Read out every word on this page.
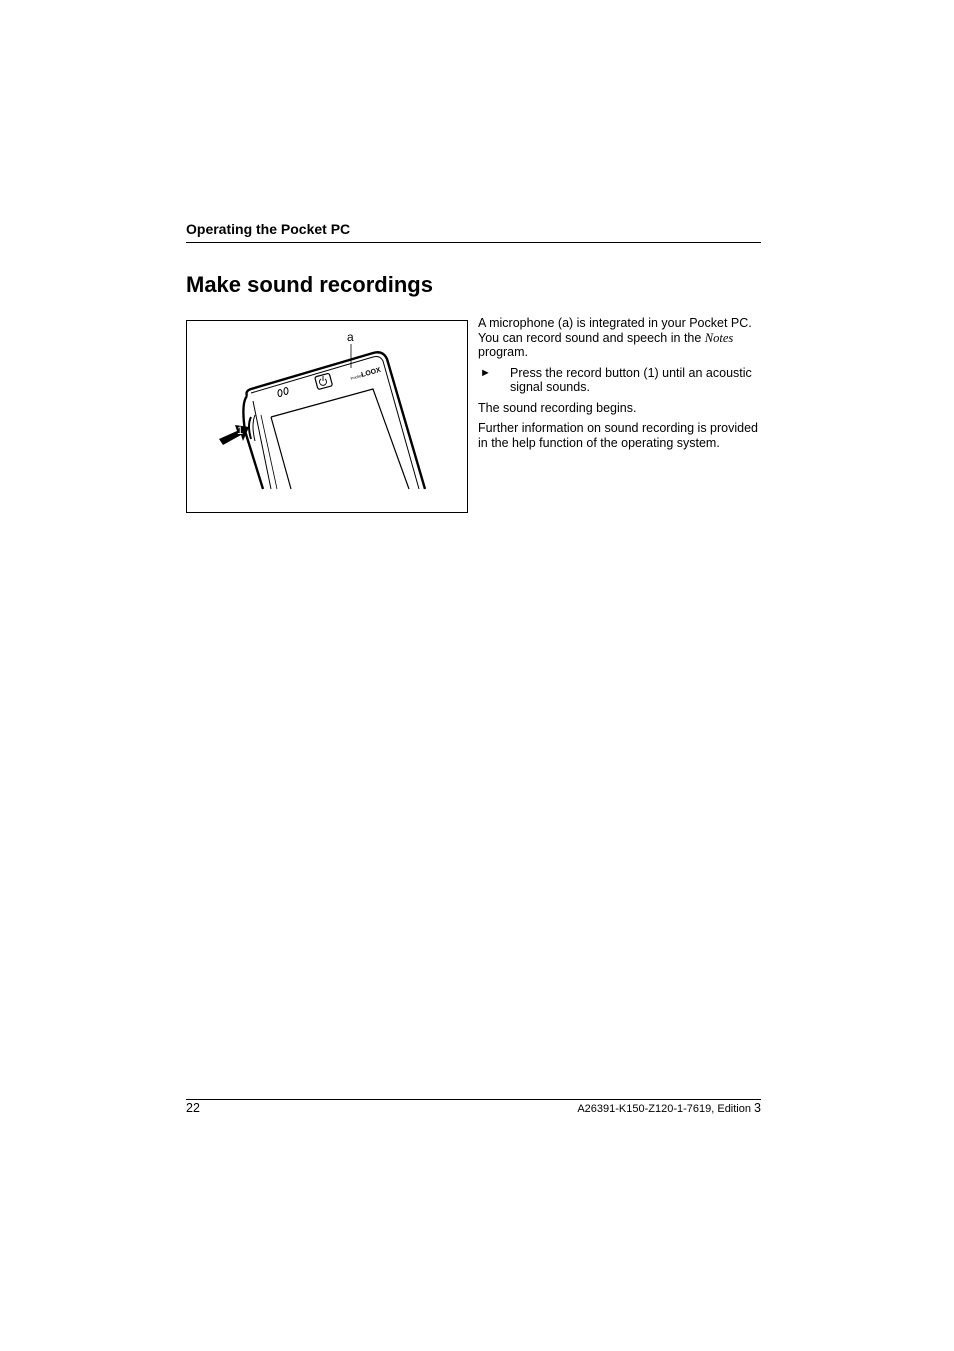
Operating the Pocket PC
Make sound recordings
Pocket
LOOX
a
1

A microphone (a) is integrated in your Pocket PC. You can record sound and speech in the Notes program.

► Press the record button (1) until an acoustic signal sounds.

The sound recording begins.

Further information on sound recording is provided in the help function of the operating system.

22	A26391-K150-Z120-1-7619, Edition 3
